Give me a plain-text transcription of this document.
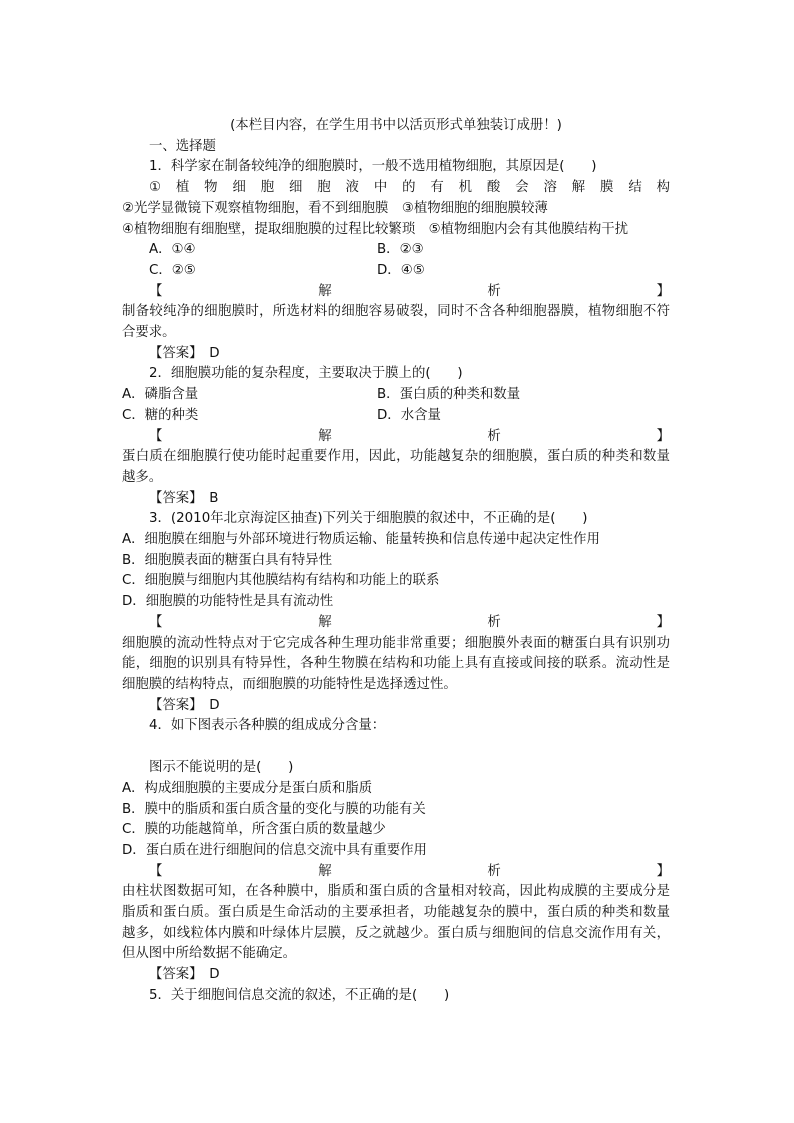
(本栏目内容，在学生用书中以活页形式单独装订成册！)
一、选择题
1．科学家在制备较纯净的细胞膜时，一般不选用植物细胞，其原因是(　　)
①植物细胞细胞液中的有机酸会溶解膜结构
②光学显微镜下观察植物细胞，看不到细胞膜　③植物细胞的细胞膜较薄
④植物细胞有细胞壁，提取细胞膜的过程比较繁琐　⑤植物细胞内会有其他膜结构干扰
A．①④	B．②③
C．②⑤	D．④⑤
【解析】
制备较纯净的细胞膜时，所选材料的细胞容易破裂，同时不含各种细胞器膜，植物细胞不符合要求。
【答案】　D
2．细胞膜功能的复杂程度，主要取决于膜上的(　　)
A．磷脂含量	B．蛋白质的种类和数量
C．糖的种类	D．水含量
【解析】
蛋白质在细胞膜行使功能时起重要作用，因此，功能越复杂的细胞膜，蛋白质的种类和数量越多。
【答案】　B
3．(2010年北京海淀区抽查)下列关于细胞膜的叙述中，不正确的是(　　)
A．细胞膜在细胞与外部环境进行物质运输、能量转换和信息传递中起决定性作用
B．细胞膜表面的糖蛋白具有特异性
C．细胞膜与细胞内其他膜结构有结构和功能上的联系
D．细胞膜的功能特性是具有流动性
【解析】
细胞膜的流动性特点对于它完成各种生理功能非常重要；细胞膜外表面的糖蛋白具有识别功能，细胞的识别具有特异性，各种生物膜在结构和功能上具有直接或间接的联系。流动性是细胞膜的结构特点，而细胞膜的功能特性是选择透过性。
【答案】　D
4．如下图表示各种膜的组成成分含量：
图示不能说明的是(　　)
A．构成细胞膜的主要成分是蛋白质和脂质
B．膜中的脂质和蛋白质含量的变化与膜的功能有关
C．膜的功能越简单，所含蛋白质的数量越少
D．蛋白质在进行细胞间的信息交流中具有重要作用
【解析】
由柱状图数据可知，在各种膜中，脂质和蛋白质的含量相对较高，因此构成膜的主要成分是脂质和蛋白质。蛋白质是生命活动的主要承担者，功能越复杂的膜中，蛋白质的种类和数量越多，如线粒体内膜和叶绿体片层膜，反之就越少。蛋白质与细胞间的信息交流作用有关，但从图中所给数据不能确定。
【答案】　D
5．关于细胞间信息交流的叙述，不正确的是(　　)
